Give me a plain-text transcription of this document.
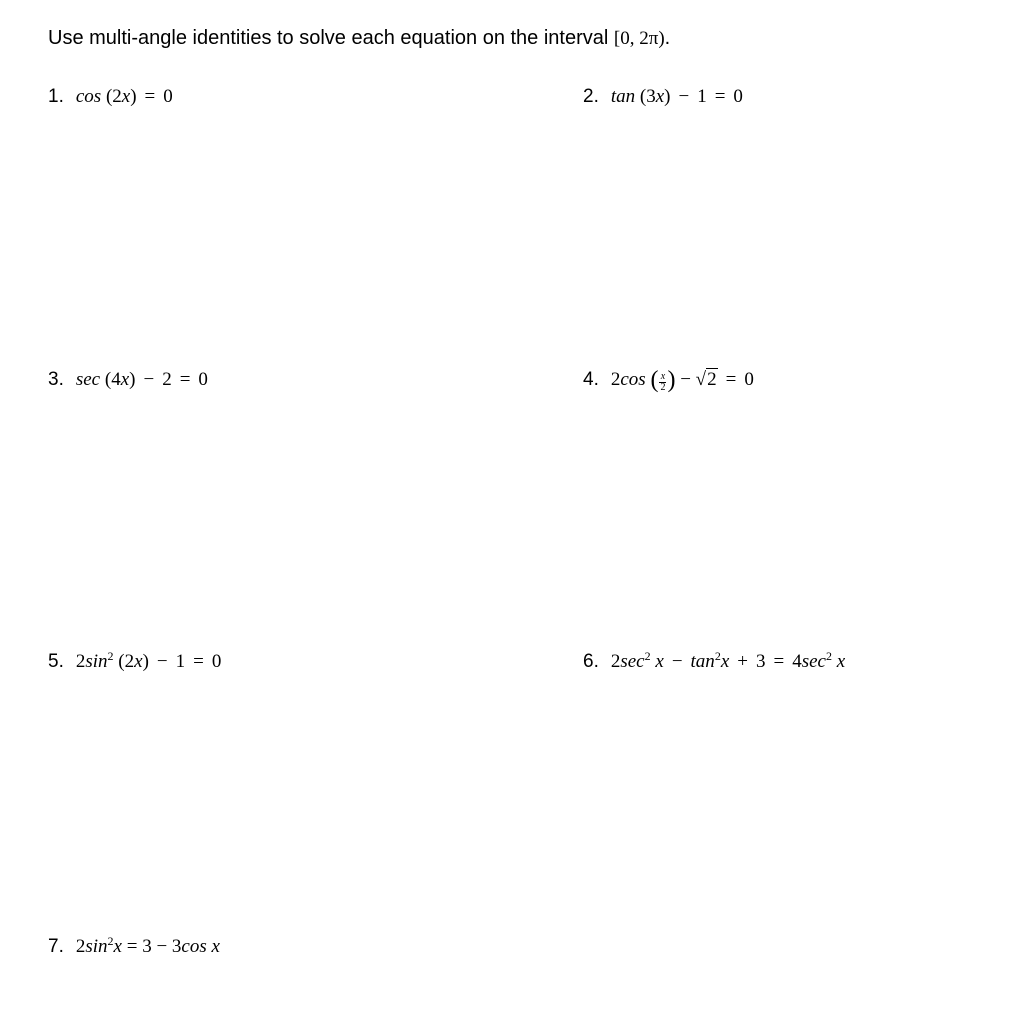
Use multi-angle identities to solve each equation on the interval [0, 2π).
1. cos (2x) = 0	2. tan (3x) − 1 = 0
3. sec (4x) − 2 = 0	4. 2cos ( $\frac{x}{2}$ ) − √2 = 0
5. $2\sin^2$ (2x) − 1 = 0	6. $2\sec^2$ $x - \tan^2x + 3 = 4\sec^2$ x
7. $2\sin^2x = 3 - 3\cos$ x
